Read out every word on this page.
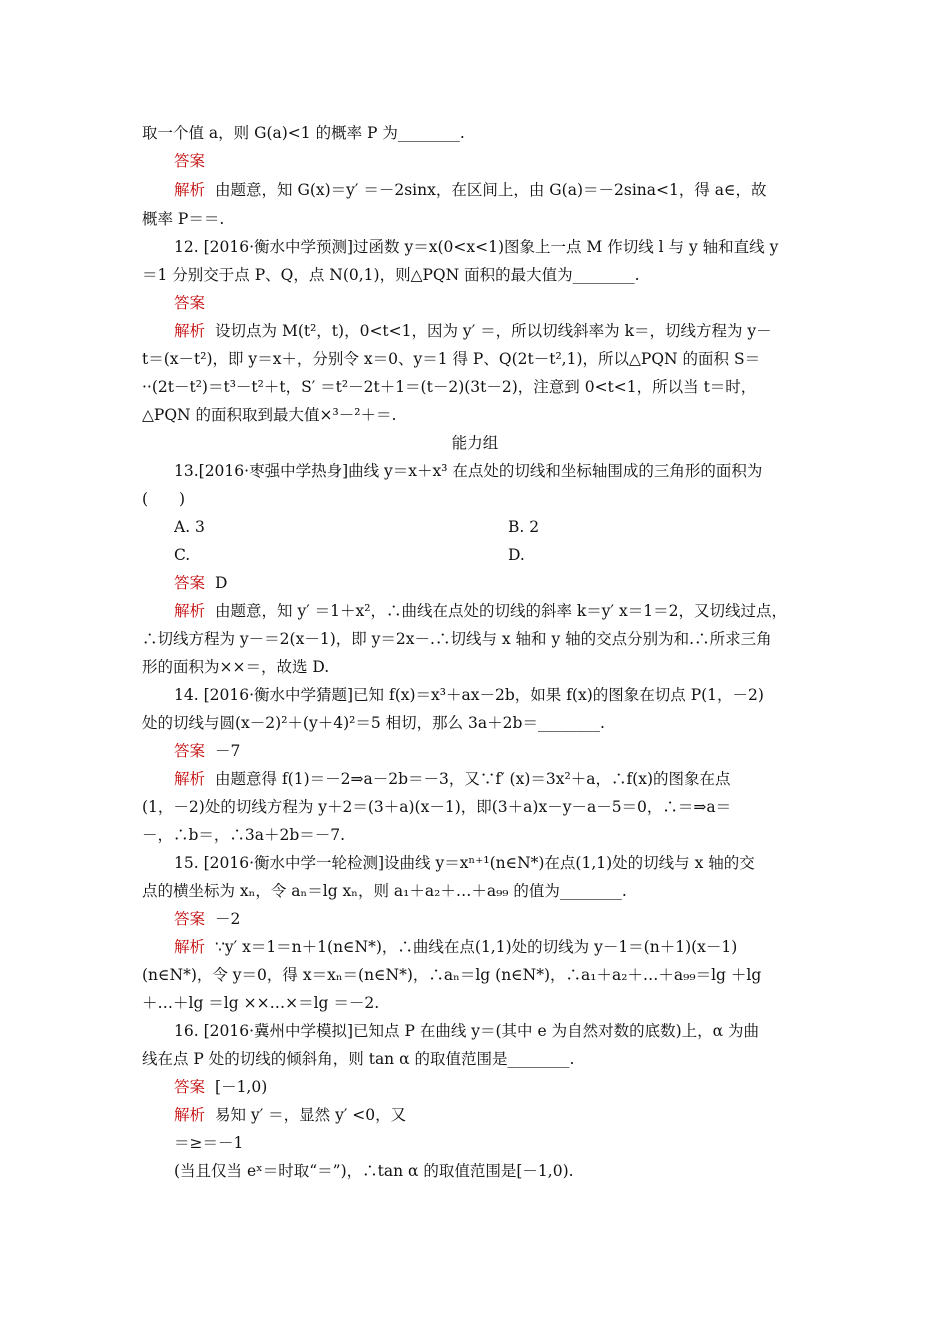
取一个值 a，则 G(a)<1 的概率 P 为________.
答案
解析 由题意，知 G(x)＝y′ ＝－2sinx，在区间上，由 G(a)＝－2sina<1，得 a∈，故
概率 P＝＝.
12. [2016·衡水中学预测]过函数 y＝x(0<x<1)图象上一点 M 作切线 l 与 y 轴和直线 y
＝1 分别交于点 P、Q，点 N(0,1)，则△PQN 面积的最大值为________.
答案
解析 设切点为 M(t²，t)，0<t<1，因为 y′ ＝，所以切线斜率为 k＝，切线方程为 y－
t＝(x－t²)，即 y＝x＋，分别令 x＝0、y＝1 得 P、Q(2t－t²,1)，所以△PQN 的面积 S＝
··(2t－t²)＝t³－t²＋t，S′ ＝t²－2t＋1＝(t－2)(3t－2)，注意到 0<t<1，所以当 t＝时，
△PQN 的面积取到最大值×³－²＋＝.
能力组
13.[2016·枣强中学热身]曲线 y＝x＋x³ 在点处的切线和坐标轴围成的三角形的面积为
(　　)
A. 3	B. 2
C.	D.
答案 D
解析 由题意，知 y′ ＝1＋x²，∴曲线在点处的切线的斜率 k＝y′ x＝1＝2，又切线过点，
∴切线方程为 y－＝2(x－1)，即 y＝2x－.∴切线与 x 轴和 y 轴的交点分别为和.∴所求三角
形的面积为××＝，故选 D.
14. [2016·衡水中学猜题]已知 f(x)＝x³＋ax－2b，如果 f(x)的图象在切点 P(1，－2)
处的切线与圆(x－2)²＋(y＋4)²＝5 相切，那么 3a＋2b＝________.
答案 －7
解析 由题意得 f(1)＝－2⇒a－2b＝－3，又∵f′ (x)＝3x²＋a，∴f(x)的图象在点
(1，－2)处的切线方程为 y＋2＝(3＋a)(x－1)，即(3＋a)x－y－a－5＝0，∴＝⇒a＝
－，∴b＝，∴3a＋2b＝－7.
15. [2016·衡水中学一轮检测]设曲线 y＝xⁿ⁺¹(n∈N*)在点(1,1)处的切线与 x 轴的交
点的横坐标为 xₙ，令 aₙ＝lg xₙ，则 a₁＋a₂＋…＋a₉₉ 的值为________.
答案 －2
解析 ∵y′ x＝1＝n＋1(n∈N*)，∴曲线在点(1,1)处的切线为 y－1＝(n＋1)(x－1)
(n∈N*)，令 y＝0，得 x＝xₙ＝(n∈N*)，∴aₙ＝lg (n∈N*)，∴a₁＋a₂＋…＋a₉₉＝lg ＋lg
＋…＋lg ＝lg ××…×＝lg ＝－2.
16. [2016·冀州中学模拟]已知点 P 在曲线 y＝(其中 e 为自然对数的底数)上，α 为曲
线在点 P 处的切线的倾斜角，则 tan α 的取值范围是________.
答案 [－1,0)
解析 易知 y′ ＝，显然 y′ <0，又
＝≥＝－1
(当且仅当 eˣ＝时取“＝”)，∴tan α 的取值范围是[－1,0).
